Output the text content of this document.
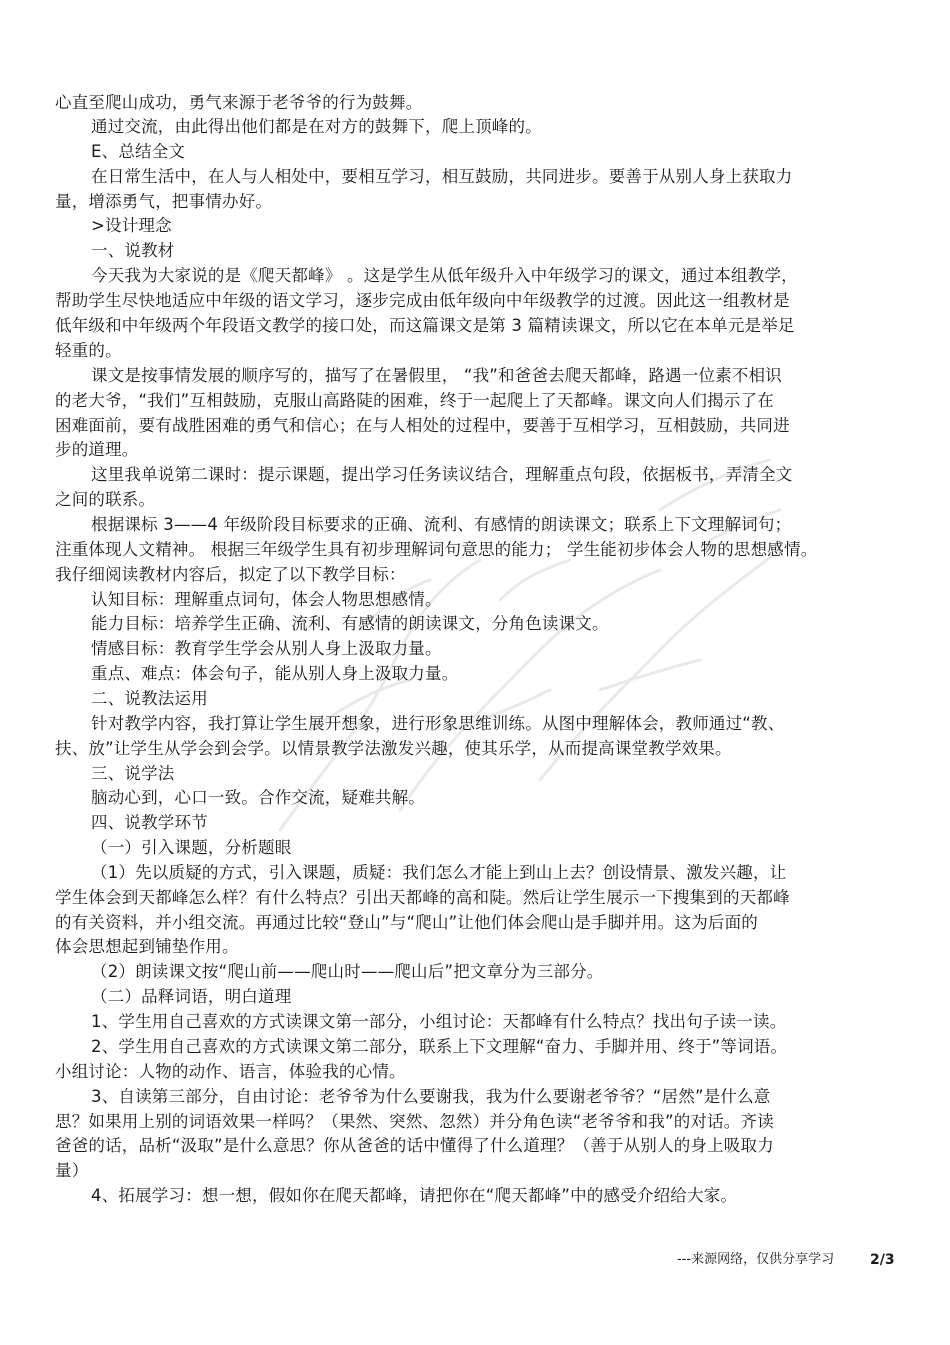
心直至爬山成功，勇气来源于老爷爷的行为鼓舞。
通过交流，由此得出他们都是在对方的鼓舞下，爬上顶峰的。
E、总结全文
在日常生活中，在人与人相处中，要相互学习，相互鼓励，共同进步。要善于从别人身上获取力
量，增添勇气，把事情办好。
>设计理念
一、说教材
今天我为大家说的是《爬天都峰》 。这是学生从低年级升入中年级学习的课文，通过本组教学，
帮助学生尽快地适应中年级的语文学习，逐步完成由低年级向中年级教学的过渡。因此这一组教材是
低年级和中年级两个年段语文教学的接口处，而这篇课文是第 3 篇精读课文，所以它在本单元是举足
轻重的。
课文是按事情发展的顺序写的，描写了在暑假里， “我”和爸爸去爬天都峰，路遇一位素不相识
的老大爷，“我们”互相鼓励，克服山高路陡的困难，终于一起爬上了天都峰。课文向人们揭示了在
困难面前，要有战胜困难的勇气和信心；在与人相处的过程中，要善于互相学习，互相鼓励，共同进
步的道理。
这里我单说第二课时：提示课题，提出学习任务读议结合，理解重点句段，依据板书，弄清全文
之间的联系。
根据课标 3——4 年级阶段目标要求的正确、流利、有感情的朗读课文；联系上下文理解词句；
注重体现人文精神。 根据三年级学生具有初步理解词句意思的能力； 学生能初步体会人物的思想感情。
我仔细阅读教材内容后，拟定了以下教学目标：
认知目标：理解重点词句，体会人物思想感情。
能力目标：培养学生正确、流利、有感情的朗读课文，分角色读课文。
情感目标：教育学生学会从别人身上汲取力量。
重点、难点：体会句子，能从别人身上汲取力量。
二、说教法运用
针对教学内容，我打算让学生展开想象，进行形象思维训练。从图中理解体会，教师通过“教、
扶、放”让学生从学会到会学。以情景教学法激发兴趣，使其乐学，从而提高课堂教学效果。
三、说学法
脑动心到，心口一致。合作交流，疑难共解。
四、说教学环节
（一）引入课题，分析题眼
（1）先以质疑的方式，引入课题，质疑：我们怎么才能上到山上去？创设情景、激发兴趣，让
学生体会到天都峰怎么样？有什么特点？引出天都峰的高和陡。然后让学生展示一下搜集到的天都峰
的有关资料，并小组交流。再通过比较“登山”与“爬山”让他们体会爬山是手脚并用。这为后面的
体会思想起到铺垫作用。
（2）朗读课文按“爬山前——爬山时——爬山后”把文章分为三部分。
（二）品释词语，明白道理
1、学生用自己喜欢的方式读课文第一部分，小组讨论：天都峰有什么特点？找出句子读一读。
2、学生用自己喜欢的方式读课文第二部分，联系上下文理解“奋力、手脚并用、终于”等词语。
小组讨论：人物的动作、语言，体验我的心情。
3、自读第三部分，自由讨论：老爷爷为什么要谢我，我为什么要谢老爷爷？“居然”是什么意
思？如果用上别的词语效果一样吗？（果然、突然、忽然）并分角色读“老爷爷和我”的对话。齐读
爸爸的话，品析“汲取”是什么意思？你从爸爸的话中懂得了什么道理？（善于从别人的身上吸取力
量）
4、拓展学习：想一想，假如你在爬天都峰，请把你在“爬天都峰”中的感受介绍给大家。
---来源网络，仅供分享学习	2/3
